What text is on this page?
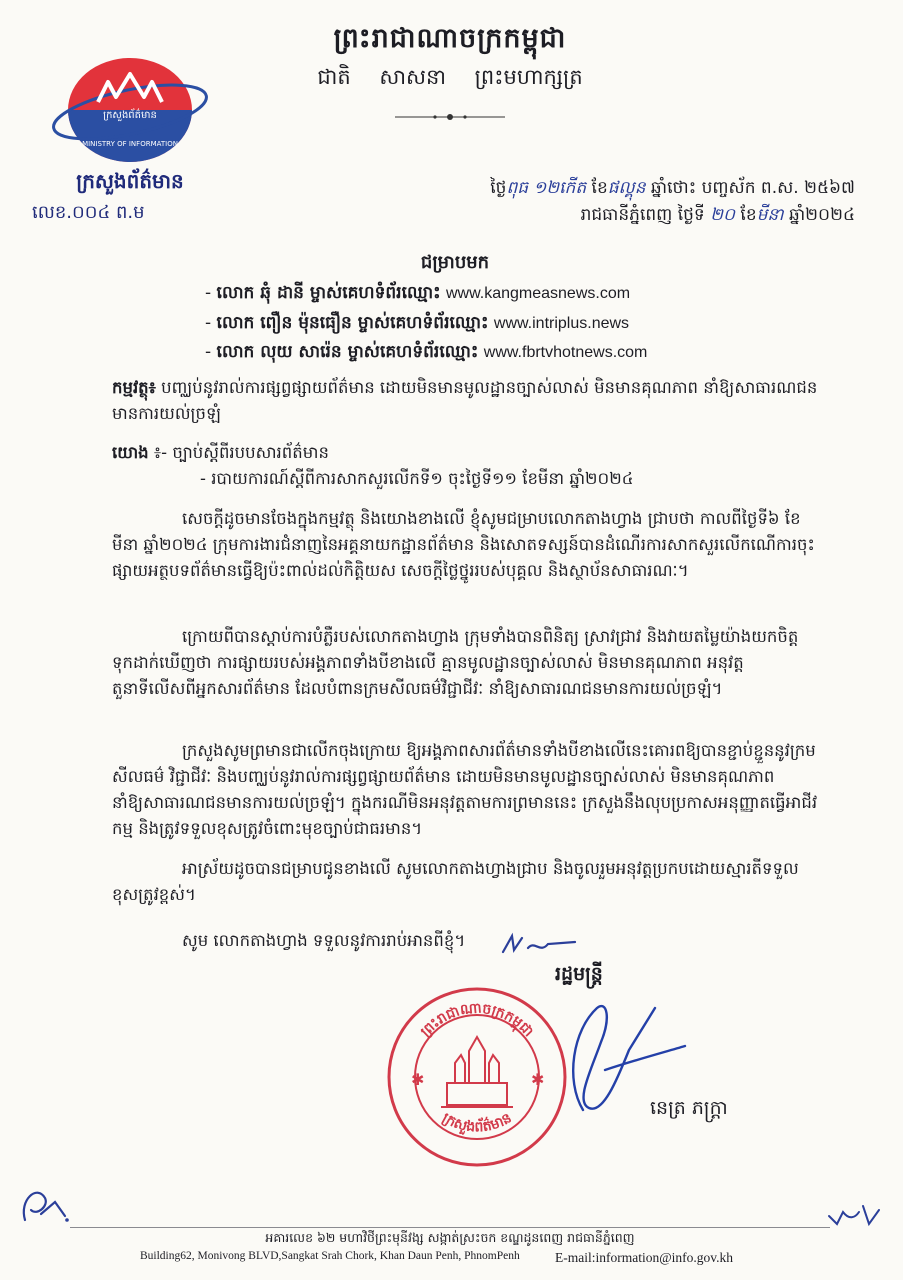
ព្រះរាជាណាចក្រកម្ពុជា
ជាតិ សាសនា ព្រះមហាក្សត្រ
ក្រសួងព័ត៌មាន
MINISTRY OF INFORMATION
ក្រសួងព័ត៌មាន
លេខ.០០៤ ព.ម
ថ្ងៃពុធ ១២កើត ខែផល្គុន ឆ្នាំថោះ បញ្ចស័ក ព.ស. ២៥៦៧
រាជធានីភ្នំពេញ ថ្ងៃទី ២០ ខែមីនា ឆ្នាំ២០២៤
ជម្រាបមក
- លោក ឆុំ ដានី ម្ចាស់គេហទំព័រឈ្មោះ www.kangmeasnews.com
- លោក ពឿន ម៉ុនធឿន ម្ចាស់គេហទំព័រឈ្មោះ www.intriplus.news
- លោក លុយ សារ៉េន ម្ចាស់គេហទំព័រឈ្មោះ www.fbrtvhotnews.com
កម្មវត្ថុ៖ បញ្ឈប់នូវរាល់ការផ្សព្វផ្សាយព័ត៌មាន ដោយមិនមានមូលដ្ឋានច្បាស់លាស់ មិនមានគុណភាព នាំឱ្យសាធារណជនមានការយល់ច្រឡំ
យោង ៖- ច្បាប់ស្តីពីរបបសារព័ត៌មាន
- របាយការណ៍ស្តីពីការសាកសួរលើកទី១ ចុះថ្ងៃទី១១ ខែមីនា ឆ្នាំ២០២៤
សេចក្តីដូចមានចែងក្នុងកម្មវត្ថុ និងយោងខាងលើ ខ្ញុំសូមជម្រាបលោកតាងហ្វាង ជ្រាបថា កាលពីថ្ងៃទី៦ ខែមីនា ឆ្នាំ២០២៤ ក្រុមការងារជំនាញនៃអគ្គនាយកដ្ឋានព័ត៌មាន និងសោតទស្សន៍បានដំណើរការសាកសួរលើកណើការចុះផ្សាយអត្ថបទព័ត៌មានធ្វើឱ្យប៉ះពាល់ដល់កិត្តិយស សេចក្តីថ្លៃថ្នូររបស់បុគ្គល និងស្ថាប័នសាធារណៈ។
ក្រោយពីបានស្តាប់ការបំភ្លឺរបស់លោកតាងហ្វាង ក្រុមទាំងបានពិនិត្យ ស្រាវជ្រាវ និងវាយតម្លៃយ៉ាងយកចិត្តទុកដាក់ឃើញថា ការផ្សាយរបស់អង្គភាពទាំងបីខាងលើ គ្មានមូលដ្ឋានច្បាស់លាស់ មិនមានគុណភាព អនុវត្តតួនាទីលើសពីអ្នកសារព័ត៌មាន ដែលបំពានក្រមសីលធម៌វិជ្ជាជីវៈ នាំឱ្យសាធារណជនមានការយល់ច្រឡំ។
ក្រសួងសូមព្រមានជាលើកចុងក្រោយ ឱ្យអង្គភាពសារព័ត៌មានទាំងបីខាងលើនេះគោរពឱ្យបានខ្ជាប់ខ្ជួននូវក្រមសីលធម៌ វិជ្ជាជីវៈ និងបញ្ឈប់នូវរាល់ការផ្សព្វផ្សាយព័ត៌មាន ដោយមិនមានមូលដ្ឋានច្បាស់លាស់ មិនមានគុណភាព នាំឱ្យសាធារណជនមានការយល់ច្រឡំ។ ក្នុងករណីមិនអនុវត្តតាមការព្រមាននេះ ក្រសួងនឹងលុបប្រកាសអនុញ្ញាតធ្វើអាជីវកម្ម និងត្រូវទទួលខុសត្រូវចំពោះមុខច្បាប់ជាធរមាន។
អាស្រ័យដូចបានជម្រាបជូនខាងលើ សូមលោកតាងហ្វាងជ្រាប និងចូលរួមអនុវត្តប្រកបដោយស្មារតីទទួលខុសត្រូវខ្ពស់។
សូម លោកតាងហ្វាង ទទួលនូវការរាប់អានពីខ្ញុំ។
រដ្ឋមន្ត្រី
ព្រះរាជាណាចក្រកម្ពុជា
ក្រសួងព័ត៌មាន
✱	✱
នេត្រ ភក្ត្រា
អគារលេខ ៦២ មហាវិថីព្រះមុនីវង្ស សង្កាត់ស្រះចក ខណ្ឌដូនពេញ រាជធានីភ្នំពេញ
Building62, Monivong BLVD,Sangkat Srah Chork, Khan Daun Penh, PhnomPenh	E-mail:information@info.gov.kh
